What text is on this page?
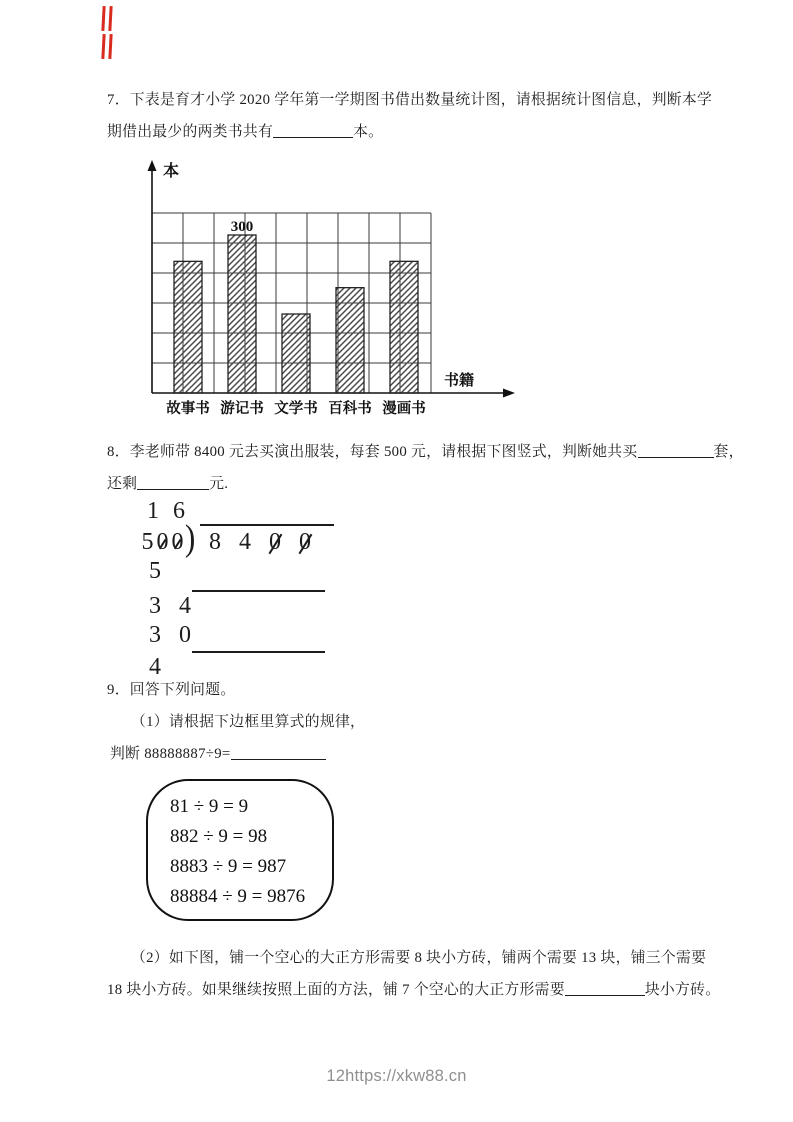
7．下表是育才小学 2020 学年第一学期图书借出数量统计图，请根据统计图信息，判断本学
期借出最少的两类书共有	本。
本
书籍
故事书 游记书
300
文学书 百科书 漫画书
8．李老师带 8400 元去买演出服装，每套 500 元，请根据下图竖式，判断她共买	套，
还剩	元.
1 6
5 0 0 ) 8 4 0 0
5
3 4
3 0
4
9．回答下列问题。
（1）请根据下边框里算式的规律，
判断 88888887÷9=
81 ÷ 9 = 9
882 ÷ 9 = 98
8883 ÷ 9 = 987
88884 ÷ 9 = 9876
（2）如下图，铺一个空心的大正方形需要 8 块小方砖，铺两个需要 13 块，铺三个需要
18 块小方砖。如果继续按照上面的方法，铺 7 个空心的大正方形需要	块小方砖。
12https://xkw88.cn
